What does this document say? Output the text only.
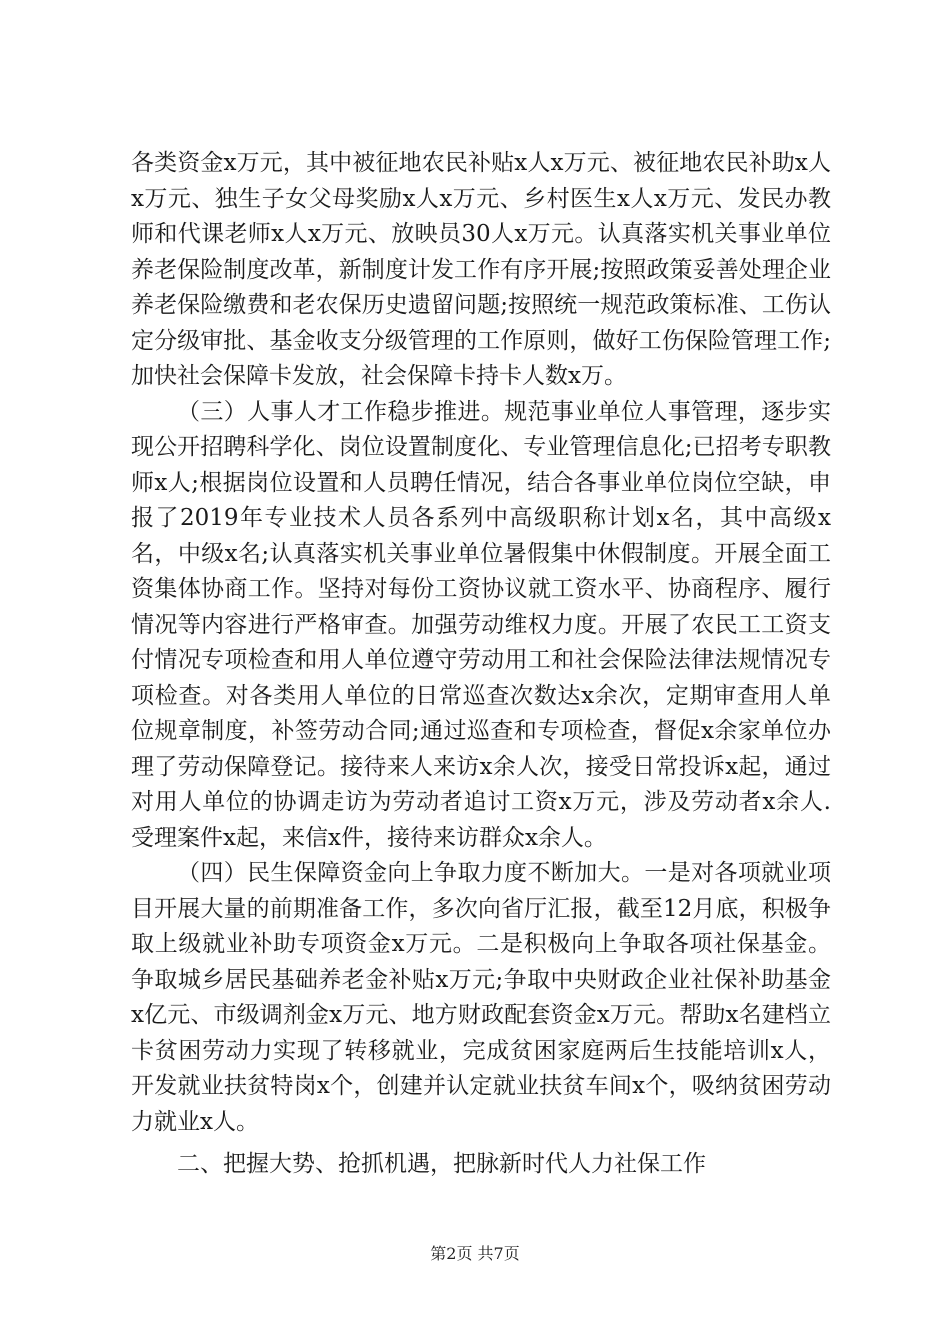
各类资金x万元，其中被征地农民补贴x人x万元、被征地农民补助x人x万元、独生子女父母奖励x人x万元、乡村医生x人x万元、发民办教师和代课老师x人x万元、放映员30人x万元。认真落实机关事业单位养老保险制度改革，新制度计发工作有序开展;按照政策妥善处理企业养老保险缴费和老农保历史遗留问题;按照统一规范政策标准、工伤认定分级审批、基金收支分级管理的工作原则，做好工伤保险管理工作;加快社会保障卡发放，社会保障卡持卡人数x万。

（三）人事人才工作稳步推进。规范事业单位人事管理，逐步实现公开招聘科学化、岗位设置制度化、专业管理信息化;已招考专职教师x人;根据岗位设置和人员聘任情况，结合各事业单位岗位空缺，申报了2019年专业技术人员各系列中高级职称计划x名，其中高级x名，中级x名;认真落实机关事业单位暑假集中休假制度。开展全面工资集体协商工作。坚持对每份工资协议就工资水平、协商程序、履行情况等内容进行严格审查。加强劳动维权力度。开展了农民工工资支付情况专项检查和用人单位遵守劳动用工和社会保险法律法规情况专项检查。对各类用人单位的日常巡查次数达x余次，定期审查用人单位规章制度，补签劳动合同;通过巡查和专项检查，督促x余家单位办理了劳动保障登记。接待来人来访x余人次，接受日常投诉x起，通过对用人单位的协调走访为劳动者追讨工资x万元，涉及劳动者x余人.受理案件x起，来信x件，接待来访群众x余人。

（四）民生保障资金向上争取力度不断加大。一是对各项就业项目开展大量的前期准备工作，多次向省厅汇报，截至12月底，积极争取上级就业补助专项资金x万元。二是积极向上争取各项社保基金。争取城乡居民基础养老金补贴x万元;争取中央财政企业社保补助基金x亿元、市级调剂金x万元、地方财政配套资金x万元。帮助x名建档立卡贫困劳动力实现了转移就业，完成贫困家庭两后生技能培训x人，开发就业扶贫特岗x个，创建并认定就业扶贫车间x个，吸纳贫困劳动力就业x人。

二、把握大势、抢抓机遇，把脉新时代人力社保工作

第2页 共7页
